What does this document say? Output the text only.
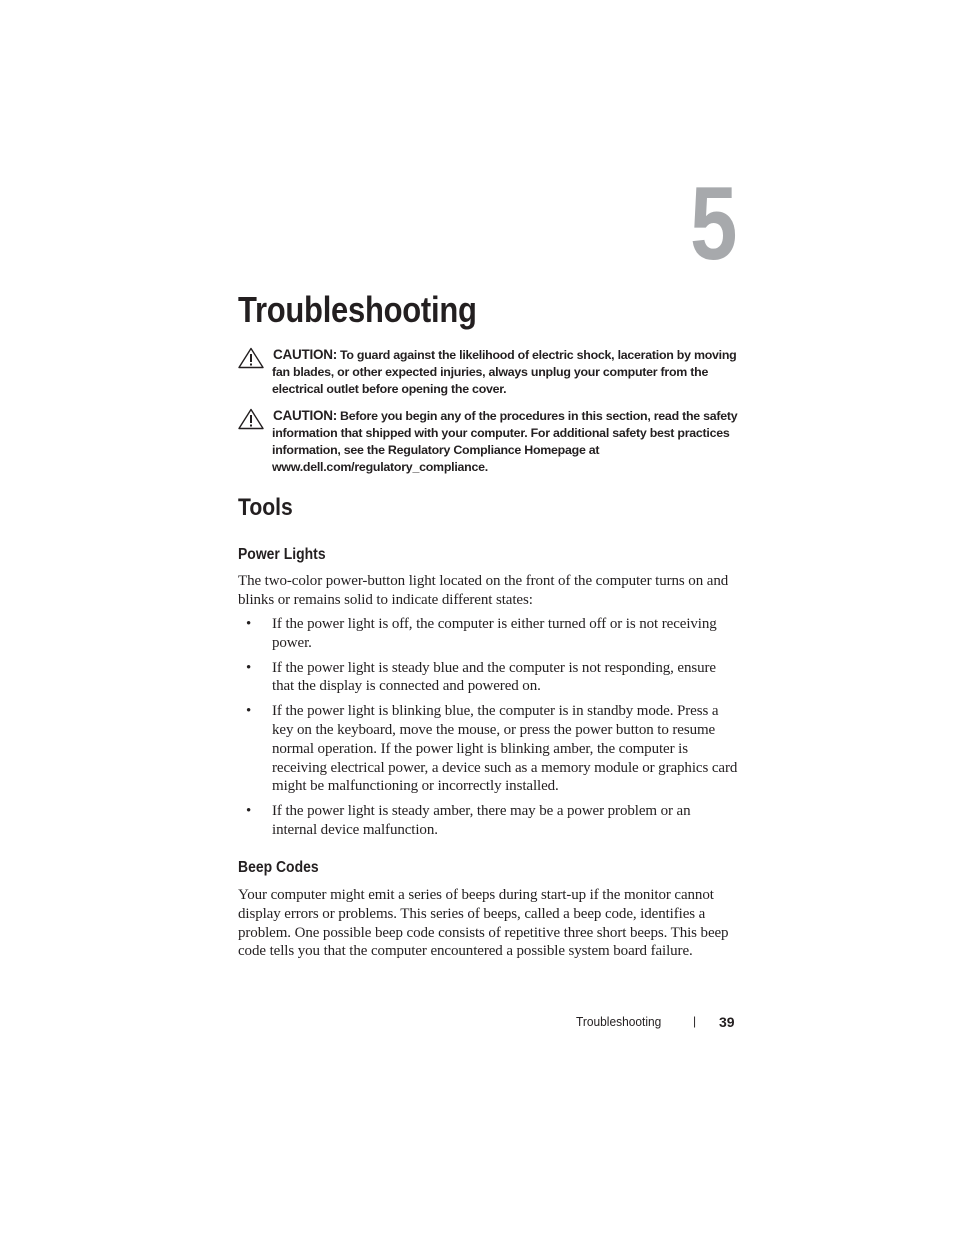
5
Troubleshooting
CAUTION: To guard against the likelihood of electric shock, laceration by moving fan blades, or other expected injuries, always unplug your computer from the electrical outlet before opening the cover.
CAUTION: Before you begin any of the procedures in this section, read the safety information that shipped with your computer. For additional safety best practices information, see the Regulatory Compliance Homepage at www.dell.com/regulatory_compliance.
Tools
Power Lights

The two-color power-button light located on the front of the computer turns on and blinks or remains solid to indicate different states:

• If the power light is off, the computer is either turned off or is not receiving power.
• If the power light is steady blue and the computer is not responding, ensure that the display is connected and powered on.
• If the power light is blinking blue, the computer is in standby mode. Press a key on the keyboard, move the mouse, or press the power button to resume normal operation. If the power light is blinking amber, the computer is receiving electrical power, a device such as a memory module or graphics card might be malfunctioning or incorrectly installed.
• If the power light is steady amber, there may be a power problem or an internal device malfunction.
Beep Codes

Your computer might emit a series of beeps during start-up if the monitor cannot display errors or problems. This series of beeps, called a beep code, identifies a problem. One possible beep code consists of repetitive three short beeps. This beep code tells you that the computer encountered a possible system board failure.

Troubleshooting	| 39
